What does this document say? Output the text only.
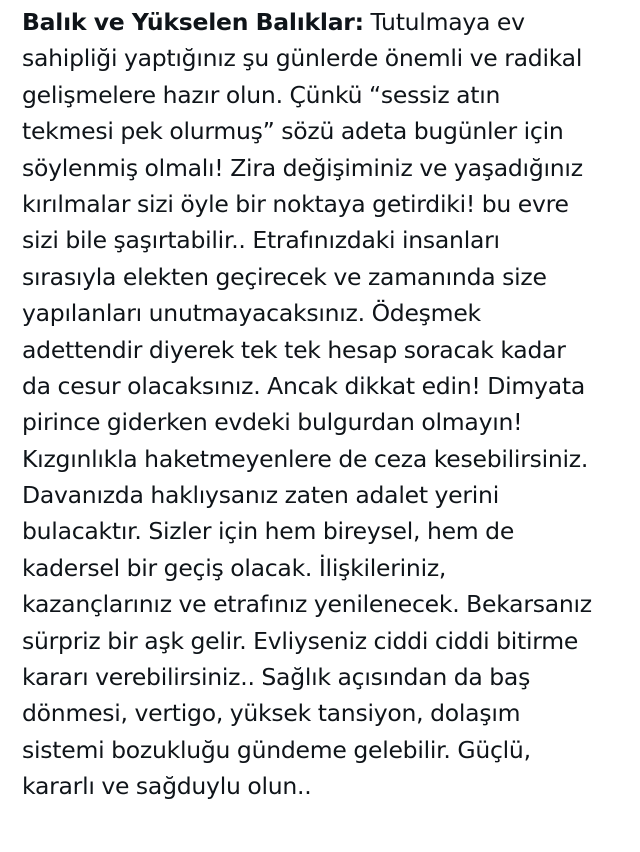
Balık ve Yükselen Balıklar: Tutulmaya ev
sahipliği yaptığınız şu günlerde önemli ve radikal
gelişmelere hazır olun. Çünkü “sessiz atın
tekmesi pek olurmuş” sözü adeta bugünler için
söylenmiş olmalı! Zira değişiminiz ve yaşadığınız
kırılmalar sizi öyle bir noktaya getirdiki! bu evre
sizi bile şaşırtabilir.. Etrafınızdaki insanları
sırasıyla elekten geçirecek ve zamanında size
yapılanları unutmayacaksınız. Ödeşmek
adettendir diyerek tek tek hesap soracak kadar
da cesur olacaksınız. Ancak dikkat edin! Dimyata
pirince giderken evdeki bulgurdan olmayın!
Kızgınlıkla haketmeyenlere de ceza kesebilirsiniz.
Davanızda haklıysanız zaten adalet yerini
bulacaktır. Sizler için hem bireysel, hem de
kadersel bir geçiş olacak. İlişkileriniz,
kazançlarınız ve etrafınız yenilenecek. Bekarsanız
sürpriz bir aşk gelir. Evliyseniz ciddi ciddi bitirme
kararı verebilirsiniz.. Sağlık açısından da baş
dönmesi, vertigo, yüksek tansiyon, dolaşım
sistemi bozukluğu gündeme gelebilir. Güçlü,
kararlı ve sağduylu olun..
